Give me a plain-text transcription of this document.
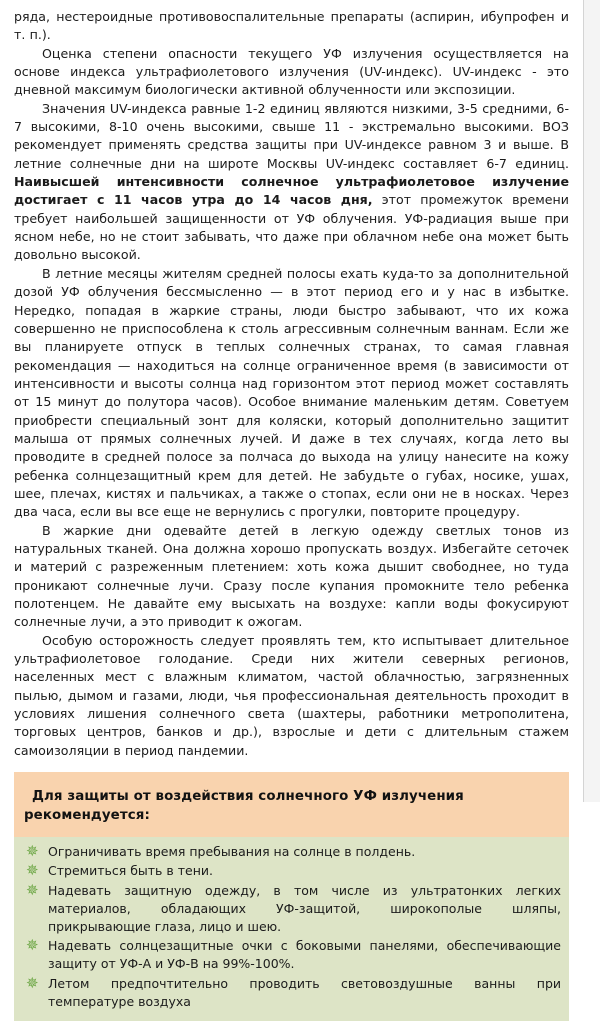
ряда, нестероидные противовоспалительные препараты (аспирин, ибупрофен и т. п.).

Оценка степени опасности текущего УФ излучения осуществляется на основе индекса ультрафиолетового излучения (UV-индекс). UV-индекс - это дневной максимум биологически активной облученности или экспозиции.

Значения UV-индекса равные 1-2 единиц являются низкими, 3-5 средними, 6-7 высокими, 8-10 очень высокими, свыше 11 - экстремально высокими. ВОЗ рекомендует применять средства защиты при UV-индексе равном 3 и выше. В летние солнечные дни на широте Москвы UV-индекс составляет 6-7 единиц. Наивысшей интенсивности солнечное ультрафиолетовое излучение достигает с 11 часов утра до 14 часов дня, этот промежуток времени требует наибольшей защищенности от УФ облучения. УФ-радиация выше при ясном небе, но не стоит забывать, что даже при облачном небе она может быть довольно высокой.

В летние месяцы жителям средней полосы ехать куда-то за дополнительной дозой УФ облучения бессмысленно — в этот период его и у нас в избытке. Нередко, попадая в жаркие страны, люди быстро забывают, что их кожа совершенно не приспособлена к столь агрессивным солнечным ваннам. Если же вы планируете отпуск в теплых солнечных странах, то самая главная рекомендация — находиться на солнце ограниченное время (в зависимости от интенсивности и высоты солнца над горизонтом этот период может составлять от 15 минут до полутора часов). Особое внимание маленьким детям. Советуем приобрести специальный зонт для коляски, который дополнительно защитит малыша от прямых солнечных лучей. И даже в тех случаях, когда лето вы проводите в средней полосе за полчаса до выхода на улицу нанесите на кожу ребенка солнцезащитный крем для детей. Не забудьте о губах, носике, ушах, шее, плечах, кистях и пальчиках, а также о стопах, если они не в носках. Через два часа, если вы все еще не вернулись с прогулки, повторите процедуру.

В жаркие дни одевайте детей в легкую одежду светлых тонов из натуральных тканей. Она должна хорошо пропускать воздух. Избегайте сеточек и материй с разреженным плетением: хоть кожа дышит свободнее, но туда проникают солнечные лучи. Сразу после купания промокните тело ребенка полотенцем. Не давайте ему высыхать на воздухе: капли воды фокусируют солнечные лучи, а это приводит к ожогам.

Особую осторожность следует проявлять тем, кто испытывает длительное ультрафиолетовое голодание. Среди них жители северных регионов, населенных мест с влажным климатом, частой облачностью, загрязненных пылью, дымом и газами, люди, чья профессиональная деятельность проходит в условиях лишения солнечного света (шахтеры, работники метрополитена, торговых центров, банков и др.), взрослые и дети с длительным стажем самоизоляции в период пандемии.

Для защиты от воздействия солнечного УФ излучения рекомендуется:
✵ Ограничивать время пребывания на солнце в полдень.
✵ Стремиться быть в тени.
✵ Надевать защитную одежду, в том числе из ультратонких легких материалов, обладающих УФ-защитой, широкополые шляпы, прикрывающие глаза, лицо и шею.
✵ Надевать солнцезащитные очки с боковыми панелями, обеспечивающие защиту от УФ-А и УФ-В на 99%-100%.
✵ Летом предпочтительно проводить световоздушные ванны при температуре воздуха
